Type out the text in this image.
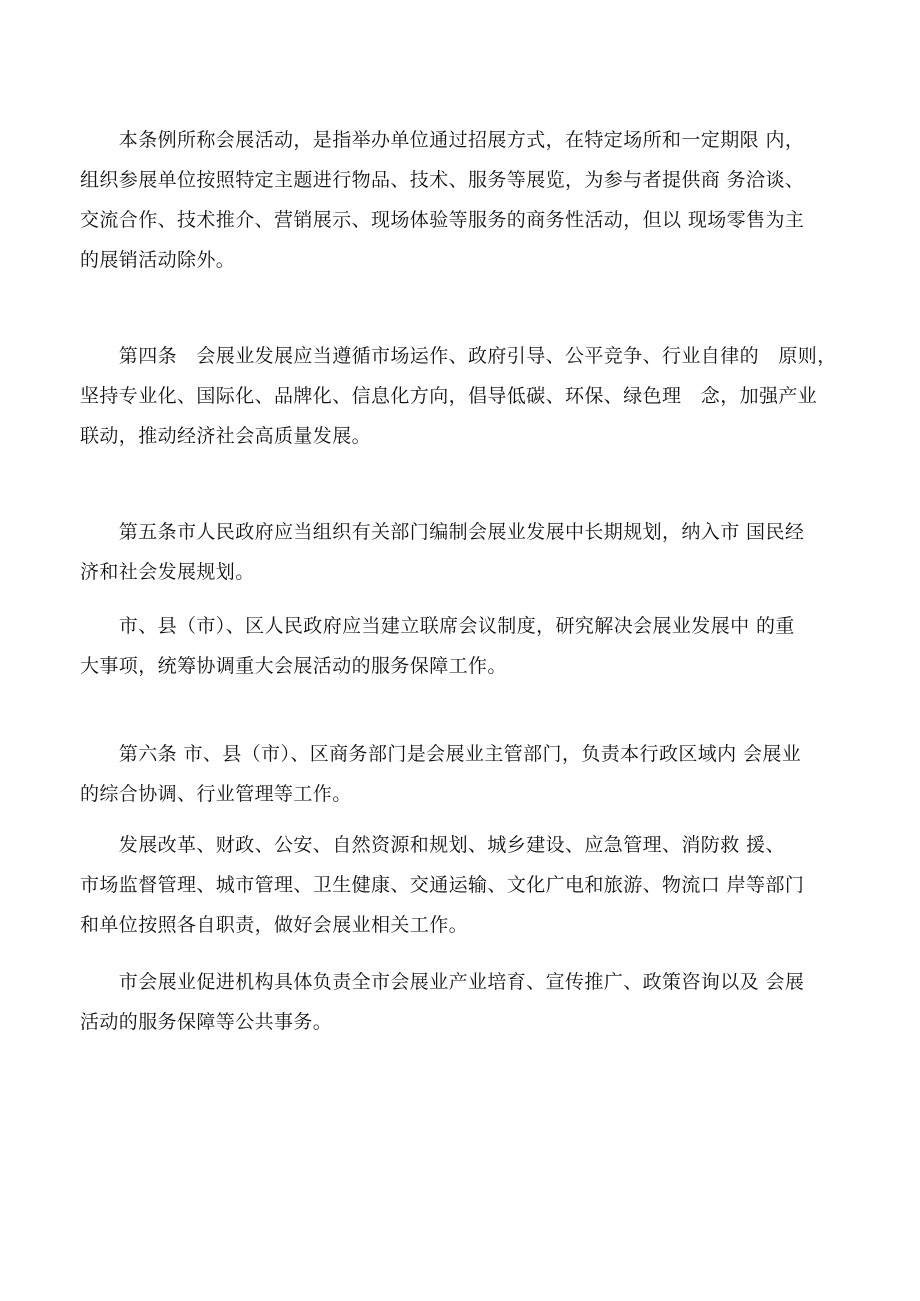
　　本条例所称会展活动，是指举办单位通过招展方式，在特定场所和一定期限 内，
组织参展单位按照特定主题进行物品、技术、服务等展览，为参与者提供商 务洽谈、
交流合作、技术推介、营销展示、现场体验等服务的商务性活动，但以 现场零售为主
的展销活动除外。

　　第四条　会展业发展应当遵循市场运作、政府引导、公平竞争、行业自律的　原则，
坚持专业化、国际化、品牌化、信息化方向，倡导低碳、环保、绿色理　念，加强产业
联动，推动经济社会高质量发展。

　　第五条市人民政府应当组织有关部门编制会展业发展中长期规划，纳入市 国民经
济和社会发展规划。

　　市、县（市）、区人民政府应当建立联席会议制度，研究解决会展业发展中 的重
大事项，统筹协调重大会展活动的服务保障工作。

　　第六条 市、县（市）、区商务部门是会展业主管部门，负责本行政区域内 会展业
的综合协调、行业管理等工作。

　　发展改革、财政、公安、自然资源和规划、城乡建设、应急管理、消防救 援、
市场监督管理、城市管理、卫生健康、交通运输、文化广电和旅游、物流口 岸等部门
和单位按照各自职责，做好会展业相关工作。

　　市会展业促进机构具体负责全市会展业产业培育、宣传推广、政策咨询以及 会展
活动的服务保障等公共事务。
